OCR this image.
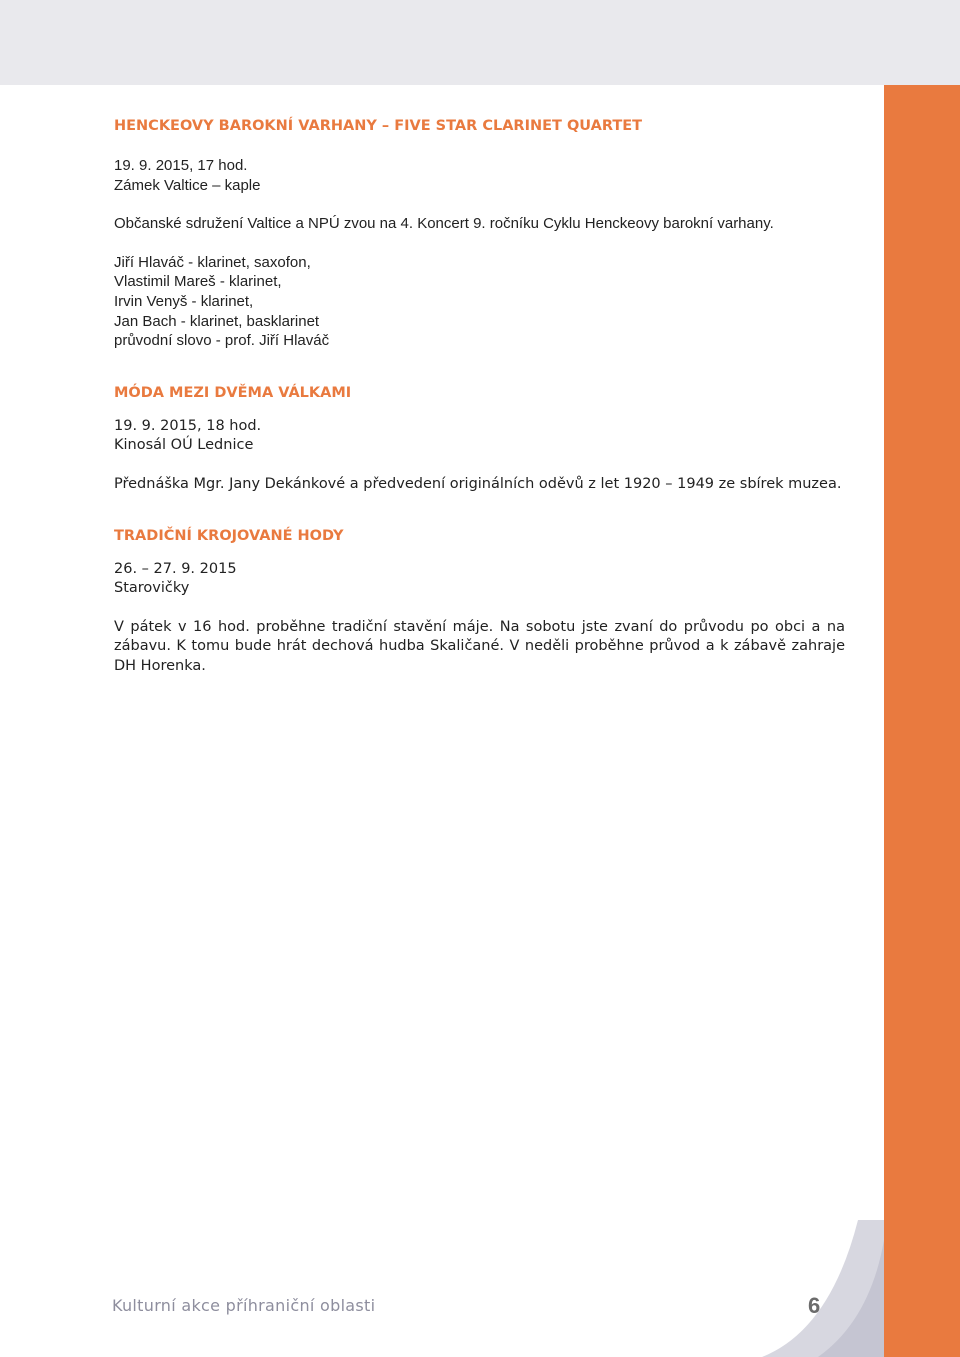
HENCKEOVY BAROKNÍ VARHANY – FIVE STAR CLARINET QUARTET

19. 9. 2015, 17 hod.

Zámek Valtice – kaple

Občanské sdružení Valtice a NPÚ zvou na 4. Koncert 9. ročníku Cyklu Henckeovy barokní varhany.

Jiří Hlaváč - klarinet, saxofon,

Vlastimil Mareš - klarinet,

Irvin Venyš - klarinet,

Jan Bach - klarinet, basklarinet

průvodní slovo - prof. Jiří Hlaváč

MÓDA MEZI DVĚMA VÁLKAMI

19. 9. 2015, 18 hod.

Kinosál OÚ Lednice

Přednáška Mgr. Jany Dekánkové a předvedení originálních oděvů z let 1920 – 1949 ze sbírek muzea.

TRADIČNÍ KROJOVANÉ HODY

26. – 27. 9. 2015

Starovičky

V pátek v 16 hod. proběhne tradiční stavění máje. Na sobotu jste zvaní do průvodu po obci a na zábavu. K tomu bude hrát dechová hudba Skaličané. V neděli proběhne průvod a k zábavě zahraje DH Horenka.

Kulturní akce příhraniční oblasti	6
